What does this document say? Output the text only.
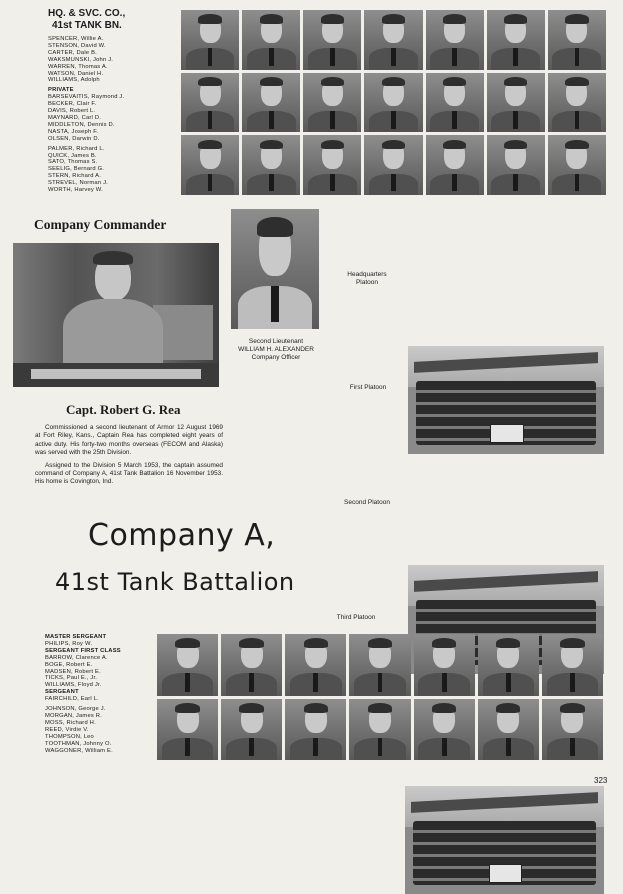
HQ. & SVC. CO.,
41st TANK BN.
SPENCER, Willie A.
STENSON, David W.
CARTER, Dale B.
WAKSMUNSKI, John J.
WARREN, Thomas A.
WATSON, Daniel H.
WILLIAMS, Adolph
PRIVATE
BARSEVAITIS, Raymond J.
BECKER, Clair F.
DAVIS, Robert L.
MAYNARD, Carl D.
MIDDLETON, Dennis D.
NASTA, Joseph F.
OLSEN, Darwin D.
PALMER, Richard L.
QUICK, James B.
SATO, Thomas S.
SEELIG, Bernard G.
STERN, Richard A.
STREVEL, Norman J.
WORTH, Harvey W.
Company Commander
Capt. Robert G. Rea
Commissioned a second lieutenant of Armor 12 August 1969 at Fort Riley, Kans., Captain Rea has completed eight years of active duty. His forty-two months overseas (FECOM and Alaska) was served with the 25th Division.
Assigned to the Division 5 March 1953, the captain assumed command of Company A, 41st Tank Battalion 16 November 1953. His home is Covington, Ind.
Second Lieutenant
WILLIAM H. ALEXANDER
Company Officer
Headquarters
Platoon
First Platoon
Second Platoon
Third Platoon
Company A,
41st Tank Battalion
MASTER SERGEANT
PHILIPS, Roy W.
SERGEANT FIRST CLASS
BARROW, Clarence A.
BOGE, Robert E.
MADSEN, Robert E.
TICKS, Paul E., Jr.
WILLIAMS, Floyd Jr.
SERGEANT
FAIRCHILD, Earl L.
JOHNSON, George J.
MORGAN, James R.
MOSS, Richard H.
REED, Virdie V.
THOMPSON, Leo
TOOTHMAN, Johnny O.
WAGGONER, William E.
323
